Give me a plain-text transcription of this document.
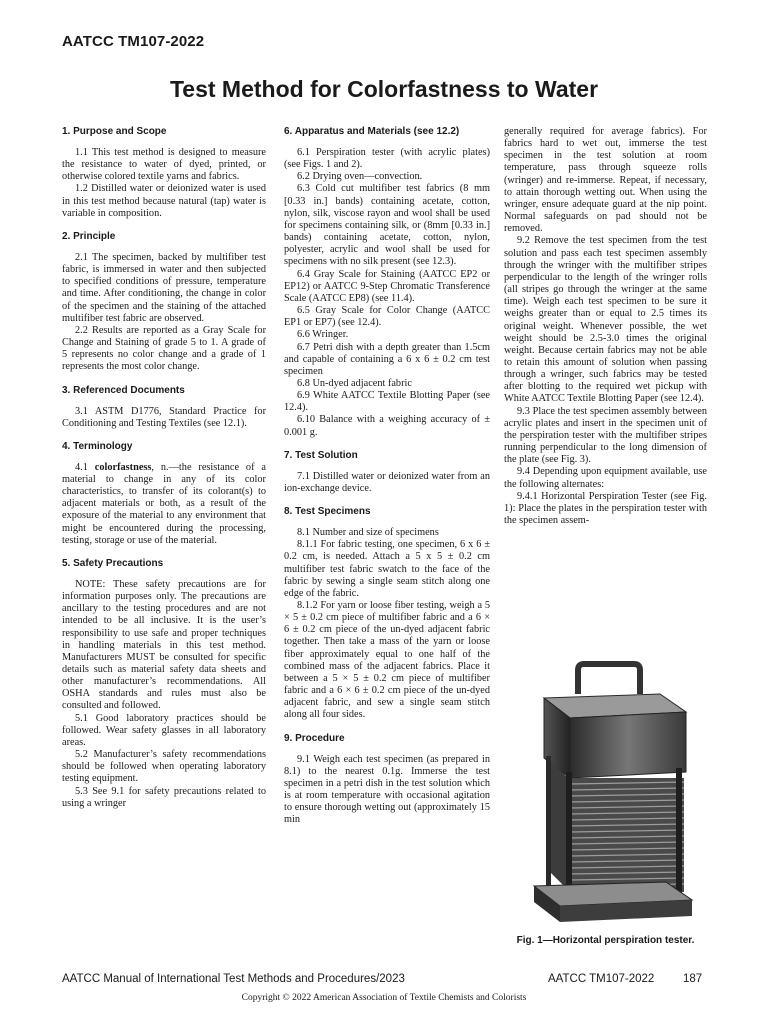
AATCC TM107-2022
Test Method for Colorfastness to Water
1. Purpose and Scope

1.1 This test method is designed to measure the resistance to water of dyed, printed, or otherwise colored textile yarns and fabrics.

1.2 Distilled water or deionized water is used in this test method because natural (tap) water is variable in composition.

2. Principle

2.1 The specimen, backed by multifiber test fabric, is immersed in water and then subjected to specified conditions of pressure, temperature and time. After conditioning, the change in color of the specimen and the staining of the attached multifiber test fabric are observed.

2.2 Results are reported as a Gray Scale for Change and Staining of grade 5 to 1. A grade of 5 represents no color change and a grade of 1 represents the most color change.

3. Referenced Documents

3.1 ASTM D1776, Standard Practice for Conditioning and Testing Textiles (see 12.1).

4. Terminology

4.1 colorfastness, n.—the resistance of a material to change in any of its color characteristics, to transfer of its colorant(s) to adjacent materials or both, as a result of the exposure of the material to any environment that might be encountered during the processing, testing, storage or use of the material.

5. Safety Precautions

NOTE: These safety precautions are for information purposes only. The precautions are ancillary to the testing procedures and are not intended to be all inclusive. It is the user’s responsibility to use safe and proper techniques in handling materials in this test method. Manufacturers MUST be consulted for specific details such as material safety data sheets and other manufacturer’s recommendations. All OSHA standards and rules must also be consulted and followed.

5.1 Good laboratory practices should be followed. Wear safety glasses in all laboratory areas.

5.2 Manufacturer’s safety recommendations should be followed when operating laboratory testing equipment.

5.3 See 9.1 for safety precautions related to using a wringer

6. Apparatus and Materials (see 12.2)

6.1 Perspiration tester (with acrylic plates) (see Figs. 1 and 2).

6.2 Drying oven—convection.

6.3 Cold cut multifiber test fabrics (8 mm [0.33 in.] bands) containing acetate, cotton, nylon, silk, viscose rayon and wool shall be used for specimens containing silk, or (8mm [0.33 in.] bands) containing acetate, cotton, nylon, polyester, acrylic and wool shall be used for specimens with no silk present (see 12.3).

6.4 Gray Scale for Staining (AATCC EP2 or EP12) or AATCC 9-Step Chromatic Transference Scale (AATCC EP8) (see 11.4).

6.5 Gray Scale for Color Change (AATCC EP1 or EP7) (see 12.4).

6.6 Wringer.

6.7 Petri dish with a depth greater than 1.5cm and capable of containing a 6 x 6 ± 0.2 cm test specimen

6.8 Un-dyed adjacent fabric

6.9 White AATCC Textile Blotting Paper (see 12.4).

6.10 Balance with a weighing accuracy of ± 0.001 g.

7. Test Solution

7.1 Distilled water or deionized water from an ion-exchange device.

8. Test Specimens

8.1 Number and size of specimens

8.1.1 For fabric testing, one specimen, 6 x 6 ± 0.2 cm, is needed. Attach a 5 x 5 ± 0.2 cm multifiber test fabric swatch to the face of the fabric by sewing a single seam stitch along one edge of the fabric.

8.1.2 For yarn or loose fiber testing, weigh a 5 × 5 ± 0.2 cm piece of multifiber fabric and a 6 × 6 ± 0.2 cm piece of the un-dyed adjacent fabric together. Then take a mass of the yarn or loose fiber approximately equal to one half of the combined mass of the adjacent fabrics. Place it between a 5 × 5 ± 0.2 cm piece of multifiber fabric and a 6 × 6 ± 0.2 cm piece of the un-dyed adjacent fabric, and sew a single seam stitch along all four sides.

9. Procedure

9.1 Weigh each test specimen (as prepared in 8.1) to the nearest 0.1g. Immerse the test specimen in a petri dish in the test solution which is at room temperature with occasional agitation to ensure thorough wetting out (approximately 15 min

generally required for average fabrics). For fabrics hard to wet out, immerse the test specimen in the test solution at room temperature, pass through squeeze rolls (wringer) and re-immerse. Repeat, if necessary, to attain thorough wetting out. When using the wringer, ensure adequate guard at the nip point. Normal safeguards on pad should not be removed.

9.2 Remove the test specimen from the test solution and pass each test specimen assembly through the wringer with the multifiber stripes perpendicular to the length of the wringer rolls (all stripes go through the wringer at the same time). Weigh each test specimen to be sure it weighs greater than or equal to 2.5 times its original weight. Whenever possible, the wet weight should be 2.5-3.0 times the original weight. Because certain fabrics may not be able to retain this amount of solution when passing through a wringer, such fabrics may be tested after blotting to the required wet pickup with White AATCC Textile Blotting Paper (see 12.4).

9.3 Place the test specimen assembly between acrylic plates and insert in the specimen unit of the perspiration tester with the multifiber stripes running perpendicular to the long dimension of the plate (see Fig. 3).

9.4 Depending upon equipment available, use the following alternates:

9.4.1 Horizontal Perspiration Tester (see Fig. 1): Place the plates in the perspiration tester with the specimen assem-

Fig. 1—Horizontal perspiration tester.
AATCC Manual of International Test Methods and Procedures/2023	AATCC TM107-2022 187
Copyright © 2022 American Association of Textile Chemists and Colorists
